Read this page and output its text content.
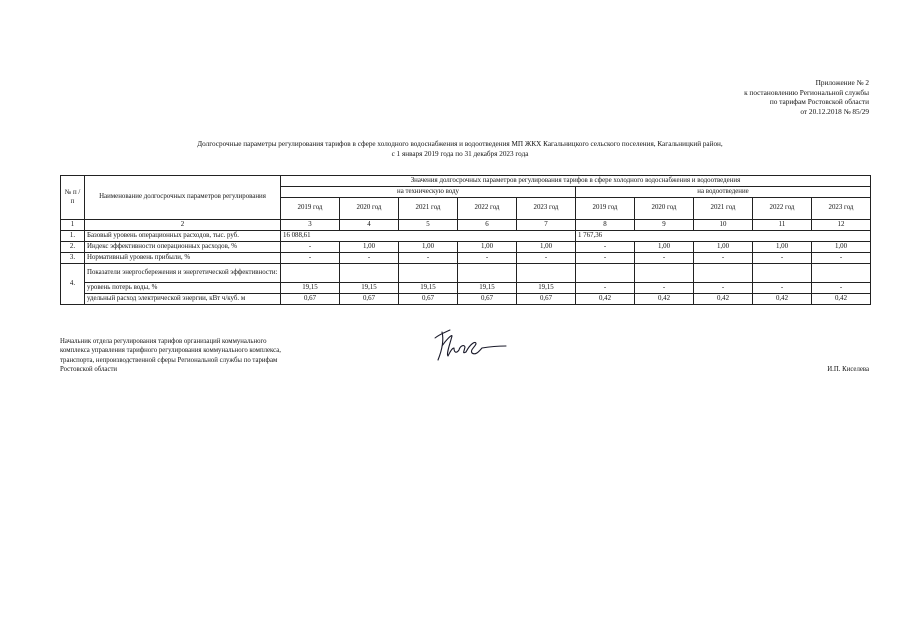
Приложение № 2
к постановлению Региональной службы
по тарифам Ростовской области
от 20.12.2018 № 85/29
Долгосрочные параметры регулирования тарифов в сфере холодного водоснабжения и водоотведения МП ЖКХ Кагальницкого сельского поселения, Кагальницкий район,
с 1 января 2019 года по 31 декабря 2023 года
№ п /п	Наименование долгосрочных параметров регулирования	Значения долгосрочных параметров регулирования тарифов в сфере холодного водоснабжения и водоотведения									
		на техническую воду					на водоотведение				
		2019 год	2020 год	2021 год	2022 год	2023 год	2019 год	2020 год	2021 год	2022 год	2023 год
1	2	3	4	5	6	7	8	9	10	11	12
1.	Базовый уровень операционных расходов, тыс. руб.	16 088,61					1 767,36				
2.	Индекс эффективности операционных расходов, %	-	1,00	1,00	1,00	1,00	-	1,00	1,00	1,00	1,00
3.	Нормативный уровень прибыли, %	-	-	-	-	-	-	-	-	-	-
4.	Показатели энергосбережения и энергетической эффективности:										
	уровень потерь воды, %	19,15	19,15	19,15	19,15	19,15	-	-	-	-	-
	удельный расход электрической энергии, кВт ч/куб. м	0,67	0,67	0,67	0,67	0,67	0,42	0,42	0,42	0,42	0,42
Начальник отдела регулирования тарифов организаций коммунального
комплекса управления тарифного регулирования коммунального комплекса,
транспорта, непроизводственной сферы Региональной службы по тарифам
Ростовской области	И.П. Киселева
